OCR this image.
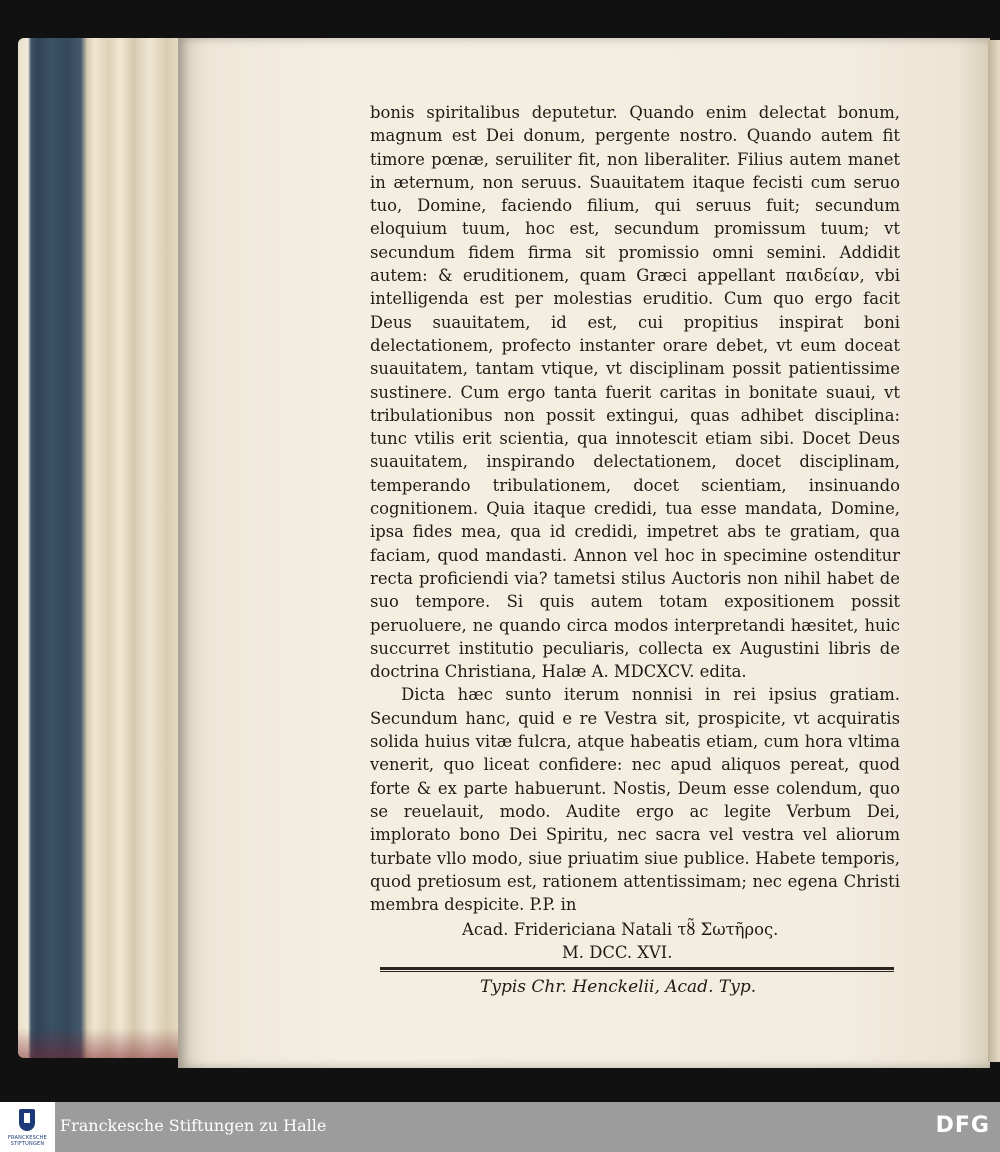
bonis spiritalibus deputetur. Quando enim delectat bonum, magnum est Dei donum, pergente nostro. Quando autem fit timore pœnæ, seruiliter fit, non liberaliter. Filius autem manet in æternum, non seruus. Suauitatem itaque fecisti cum seruo tuo, Domine, faciendo filium, qui seruus fuit; secundum eloquium tuum, hoc est, secundum promissum tuum; vt secundum fidem firma sit promissio omni semini. Addidit autem: & eruditionem, quam Græci appellant παιδείαν, vbi intelligenda est per molestias eruditio. Cum quo ergo facit Deus suauitatem, id est, cui propitius inspirat boni delectationem, profecto instanter orare debet, vt eum doceat suauitatem, tantam vtique, vt disciplinam possit patientissime sustinere. Cum ergo tanta fuerit caritas in bonitate suaui, vt tribulationibus non possit extingui, quas adhibet disciplina: tunc vtilis erit scientia, qua innotescit etiam sibi. Docet Deus suauitatem, inspirando delectationem, docet disciplinam, temperando tribulationem, docet scientiam, insinuando cognitionem. Quia itaque credidi, tua esse mandata, Domine, ipsa fides mea, qua id credidi, impetret abs te gratiam, qua faciam, quod mandasti. Annon vel hoc in specimine ostenditur recta proficiendi via? tametsi stilus Auctoris non nihil habet de suo tempore. Si quis autem totam expositionem possit peruoluere, ne quando circa modos interpretandi hæsitet, huic succurret institutio peculiaris, collecta ex Augustini libris de doctrina Christiana, Halæ A. MDCXCV. edita.

Dicta hæc sunto iterum nonnisi in rei ipsius gratiam. Secundum hanc, quid e re Vestra sit, prospicite, vt acquiratis solida huius vitæ fulcra, atque habeatis etiam, cum hora vltima venerit, quo liceat confidere: nec apud aliquos pereat, quod forte & ex parte habuerunt. Nostis, Deum esse colendum, quo se reuelauit, modo. Audite ergo ac legite Verbum Dei, implorato bono Dei Spiritu, nec sacra vel vestra vel aliorum turbate vllo modo, siue priuatim siue publice. Habete temporis, quod pretiosum est, rationem attentissimam; nec egena Christi membra despicite. P.P. in

Acad. Fridericiana Natali τȣ̃ Σωτῆρος.
M. DCC. XVI.
Typis Chr. Henckelii, Acad. Typ.
FRANCKESCHE STIFTUNGEN
Franckesche Stiftungen zu Halle	DFG
